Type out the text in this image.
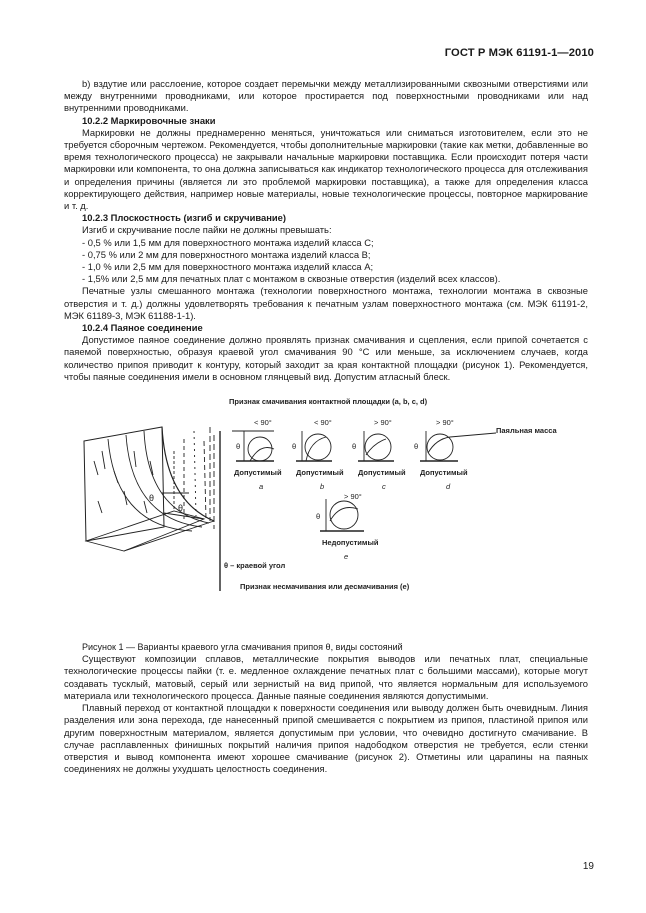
ГОСТ Р МЭК 61191-1—2010

b) вздутие или расслоение, которое создает перемычки между металлизированными сквозными отверстиями или между внутренними проводниками, или которое простирается под поверхностными проводниками или над внутренними проводниками.

10.2.2 Маркировочные знаки

Маркировки не должны преднамеренно меняться, уничтожаться или сниматься изготовителем, если это не требуется сборочным чертежом. Рекомендуется, чтобы дополнительные маркировки (такие как метки, добавленные во время технологического процесса) не закрывали начальные маркировки поставщика. Если происходит потеря части маркировки или компонента, то она должна записываться как индикатор технологического процесса для отслеживания и определения причины (является ли это проблемой маркировки поставщика), а также для определения класса корректирующего действия, например новые материалы, новые технологические процессы, повторное маркирование и т. д.

10.2.3 Плоскостность (изгиб и скручивание)

Изгиб и скручивание после пайки не должны превышать:

- 0,5 % или 1,5 мм для поверхностного монтажа изделий класса С;

- 0,75 % или 2 мм для поверхностного монтажа изделий класса В;

- 1,0 % или 2,5 мм для поверхностного монтажа изделий класса А;

- 1,5% или 2,5 мм для печатных плат с монтажом в сквозные отверстия (изделий всех классов).

Печатные узлы смешанного монтажа (технологии поверхностного монтажа, технологии монтажа в сквозные отверстия и т. д.) должны удовлетворять требования к печатным узлам поверхностного монтажа (см. МЭК 61191-2, МЭК 61189-3, МЭК 61188-1-1).

10.2.4 Паяное соединение

Допустимое паяное соединение должно проявлять признак смачивания и сцепления, если припой сочетается с паяемой поверхностью, образуя краевой угол смачивания 90 °С или меньше, за исключением случаев, когда количество припоя приводит к контуру, который заходит за края контактной площадки (рисунок 1). Рекомендуется, чтобы паяные соединения имели в основном глянцевый вид. Допустим атласный блеск.

θ
θ
Признак смачивания контактной площадки (a, b, c, d)
< 90°
θ
Допустимый
a
< 90°
θ
Допустимый
b
> 90°
θ
Допустимый
c
> 90°
θ
Допустимый
d
Паяльная масса
> 90°
θ
Недопустимый
e
θ – краевой угол
Признак несмачивания или десмачивания (e)

Рисунок 1 — Варианты краевого угла смачивания припоя θ, виды состояний

Существуют композиции сплавов, металлические покрытия выводов или печатных плат, специальные технологические процессы пайки (т. е. медленное охлаждение печатных плат с большими массами), которые могут создавать тусклый, матовый, серый или зернистый на вид припой, что является нормальным для используемого материала или технологического процесса. Данные паяные соединения являются допустимыми.

Плавный переход от контактной площадки к поверхности соединения или выводу должен быть очевидным. Линия разделения или зона перехода, где нанесенный припой смешивается с покрытием из припоя, пластиной припоя или другим поверхностным материалом, является допустимым при условии, что очевидно достигнуто смачивание. В случае расплавленных финишных покрытий наличия припоя надободком отверстия не требуется, если стенки отверстия и вывод компонента имеют хорошее смачивание (рисунок 2). Отметины или царапины на паяных соединениях не должны ухудшать целостность соединения.

19
